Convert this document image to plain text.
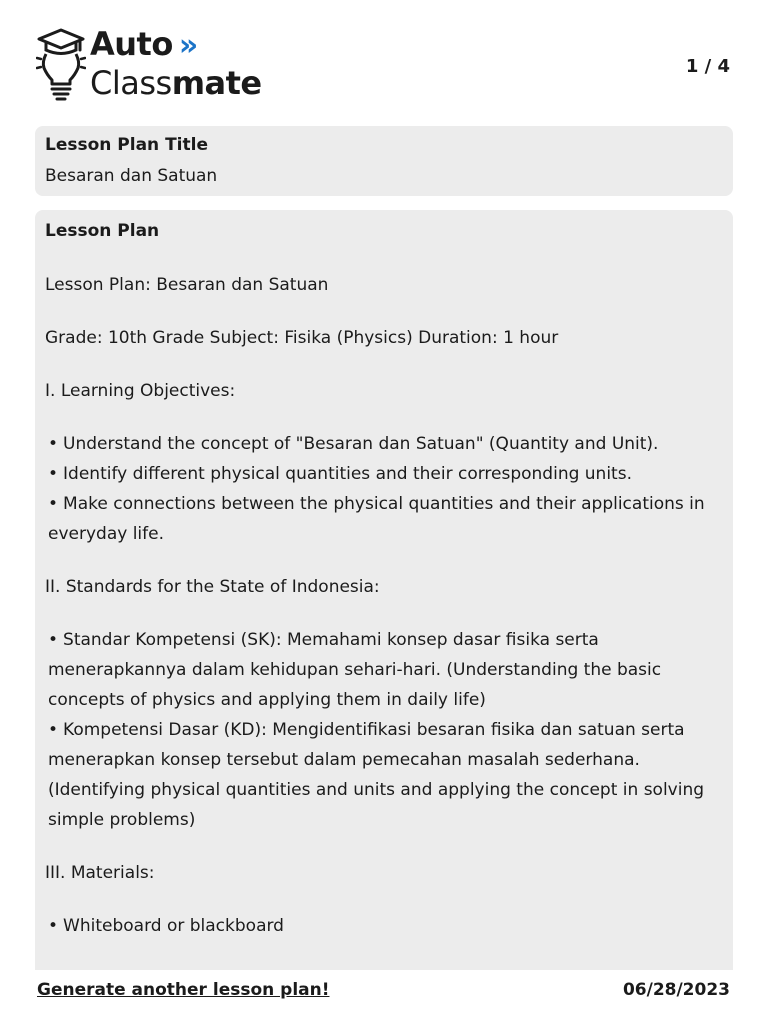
Auto »
Classmate	1 / 4
Lesson Plan Title
Besaran dan Satuan
Lesson Plan

Lesson Plan: Besaran dan Satuan

Grade: 10th Grade Subject: Fisika (Physics) Duration: 1 hour

I. Learning Objectives:

• Understand the concept of "Besaran dan Satuan" (Quantity and Unit).
• Identify different physical quantities and their corresponding units.
• Make connections between the physical quantities and their applications in everyday life.

II. Standards for the State of Indonesia:

• Standar Kompetensi (SK): Memahami konsep dasar fisika serta menerapkannya dalam kehidupan sehari-hari. (Understanding the basic concepts of physics and applying them in daily life)
• Kompetensi Dasar (KD): Mengidentifikasi besaran fisika dan satuan serta menerapkan konsep tersebut dalam pemecahan masalah sederhana. (Identifying physical quantities and units and applying the concept in solving simple problems)

III. Materials:

• Whiteboard or blackboard
Generate another lesson plan!	06/28/2023
